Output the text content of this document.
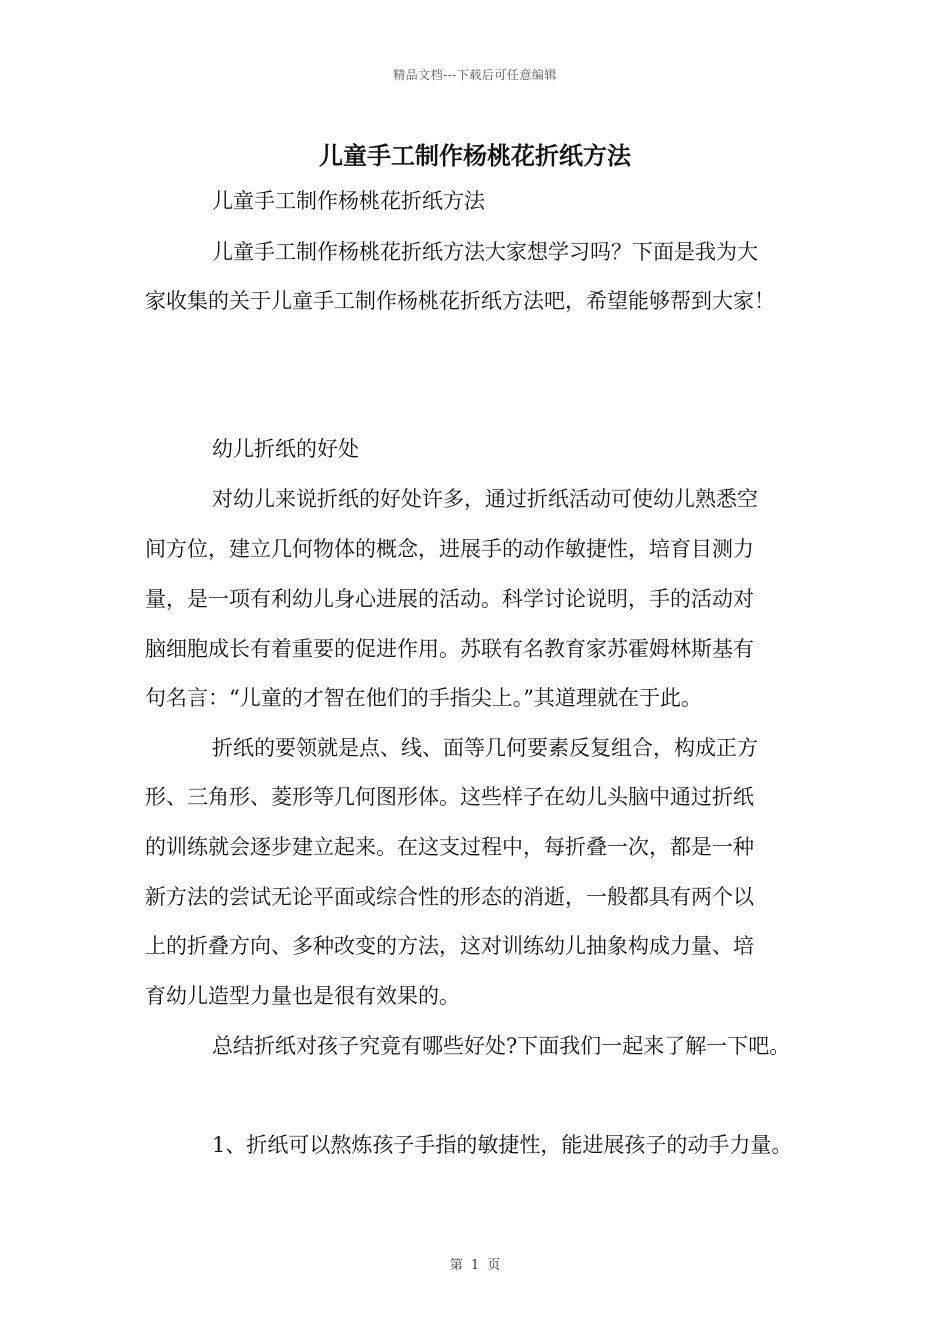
精品文档---下载后可任意编辑
儿童手工制作杨桃花折纸方法
儿童手工制作杨桃花折纸方法
儿童手工制作杨桃花折纸方法大家想学习吗？下面是我为大
家收集的关于儿童手工制作杨桃花折纸方法吧，希望能够帮到大家！
幼儿折纸的好处
对幼儿来说折纸的好处许多，通过折纸活动可使幼儿熟悉空
间方位，建立几何物体的概念，进展手的动作敏捷性，培育目测力
量，是一项有利幼儿身心进展的活动。科学讨论说明，手的活动对
脑细胞成长有着重要的促进作用。苏联有名教育家苏霍姆林斯基有
句名言：“儿童的才智在他们的手指尖上。”其道理就在于此。
折纸的要领就是点、线、面等几何要素反复组合，构成正方
形、三角形、菱形等几何图形体。这些样子在幼儿头脑中通过折纸
的训练就会逐步建立起来。在这支过程中，每折叠一次，都是一种
新方法的尝试无论平面或综合性的形态的消逝，一般都具有两个以
上的折叠方向、多种改变的方法，这对训练幼儿抽象构成力量、培
育幼儿造型力量也是很有效果的。
总结折纸对孩子究竟有哪些好处?下面我们一起来了解一下吧。
1、折纸可以熬炼孩子手指的敏捷性，能进展孩子的动手力量。
第 1 页
